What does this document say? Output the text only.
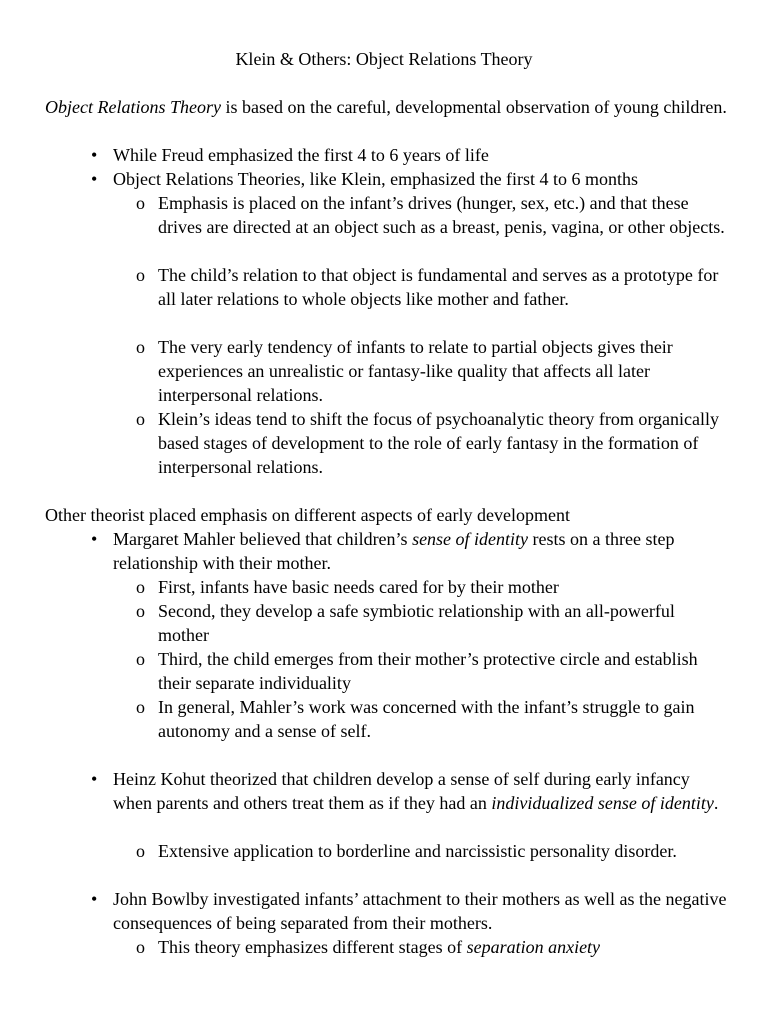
Klein & Others: Object Relations Theory
Object Relations Theory is based on the careful, developmental observation of young children.
• While Freud emphasized the first 4 to 6 years of life
• Object Relations Theories, like Klein, emphasized the first 4 to 6 months
o Emphasis is placed on the infant’s drives (hunger, sex, etc.) and that these drives are directed at an object such as a breast, penis, vagina, or other objects.
o The child’s relation to that object is fundamental and serves as a prototype for all later relations to whole objects like mother and father.
o The very early tendency of infants to relate to partial objects gives their experiences an unrealistic or fantasy-like quality that affects all later interpersonal relations.
o Klein’s ideas tend to shift the focus of psychoanalytic theory from organically based stages of development to the role of early fantasy in the formation of interpersonal relations.
Other theorist placed emphasis on different aspects of early development
• Margaret Mahler believed that children’s sense of identity rests on a three step relationship with their mother.
o First, infants have basic needs cared for by their mother
o Second, they develop a safe symbiotic relationship with an all-powerful mother
o Third, the child emerges from their mother’s protective circle and establish their separate individuality
o In general, Mahler’s work was concerned with the infant’s struggle to gain autonomy and a sense of self.
• Heinz Kohut theorized that children develop a sense of self during early infancy when parents and others treat them as if they had an individualized sense of identity.
o Extensive application to borderline and narcissistic personality disorder.
• John Bowlby investigated infants’ attachment to their mothers as well as the negative consequences of being separated from their mothers.
o This theory emphasizes different stages of separation anxiety
